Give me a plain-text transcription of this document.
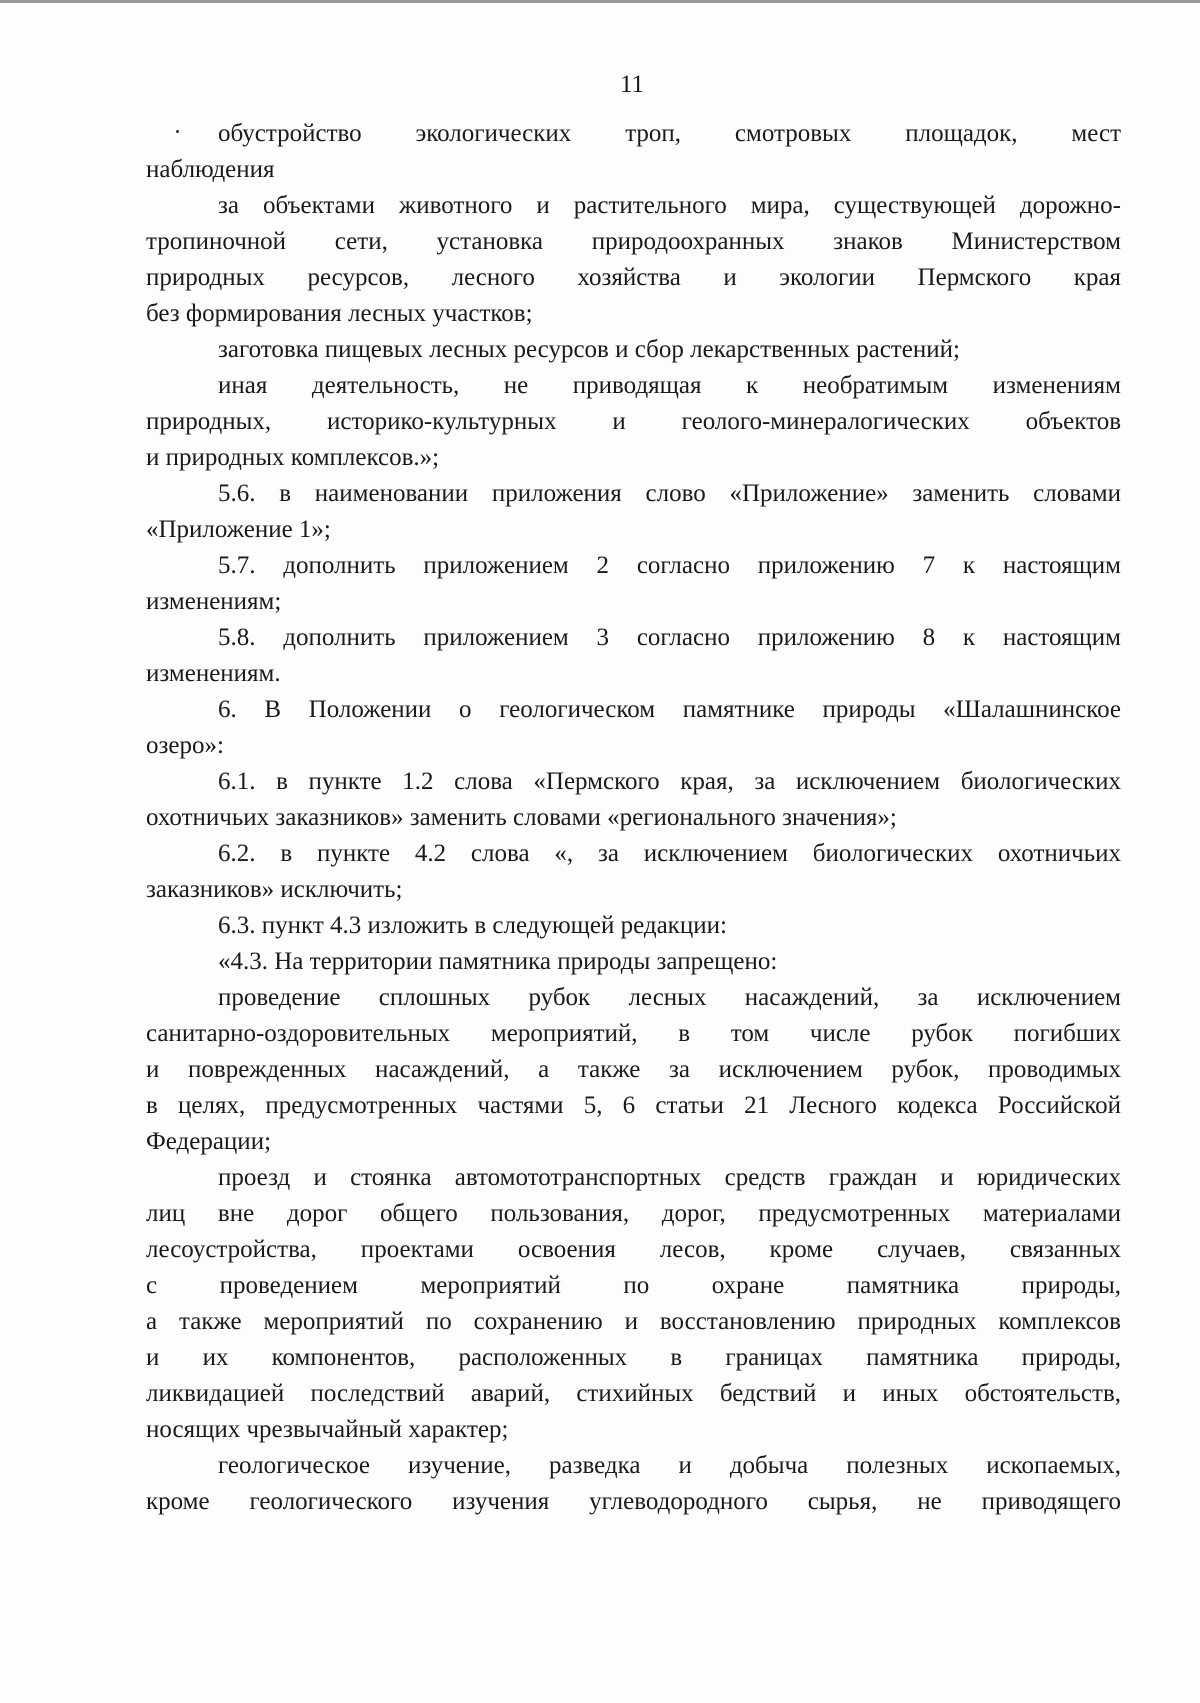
11
обустройство экологических троп, смотровых площадок, мест
наблюдения
за объектами животного и растительного мира, существующей дорожно-
тропиночной сети, установка природоохранных знаков Министерством
природных ресурсов, лесного хозяйства и экологии Пермского края
без формирования лесных участков;
заготовка пищевых лесных ресурсов и сбор лекарственных растений;
иная деятельность, не приводящая к необратимым изменениям
природных, историко-культурных и геолого-минералогических объектов
и природных комплексов.»;
5.6. в наименовании приложения слово «Приложение» заменить словами
«Приложение 1»;
5.7. дополнить приложением 2 согласно приложению 7 к настоящим
изменениям;
5.8. дополнить приложением 3 согласно приложению 8 к настоящим
изменениям.
6. В Положении о геологическом памятнике природы «Шалашнинское
озеро»:
6.1. в пункте 1.2 слова «Пермского края, за исключением биологических
охотничьих заказников» заменить словами «регионального значения»;
6.2. в пункте 4.2 слова «, за исключением биологических охотничьих
заказников» исключить;
6.3. пункт 4.3 изложить в следующей редакции:
«4.3. На территории памятника природы запрещено:
проведение сплошных рубок лесных насаждений, за исключением
санитарно-оздоровительных мероприятий, в том числе рубок погибших
и поврежденных насаждений, а также за исключением рубок, проводимых
в целях, предусмотренных частями 5, 6 статьи 21 Лесного кодекса Российской
Федерации;
проезд и стоянка автомототранспортных средств граждан и юридических
лиц вне дорог общего пользования, дорог, предусмотренных материалами
лесоустройства, проектами освоения лесов, кроме случаев, связанных
с проведением мероприятий по охране памятника природы,
а также мероприятий по сохранению и восстановлению природных комплексов
и их компонентов, расположенных в границах памятника природы,
ликвидацией последствий аварий, стихийных бедствий и иных обстоятельств,
носящих чрезвычайный характер;
геологическое изучение, разведка и добыча полезных ископаемых,
кроме геологического изучения углеводородного сырья, не приводящего
